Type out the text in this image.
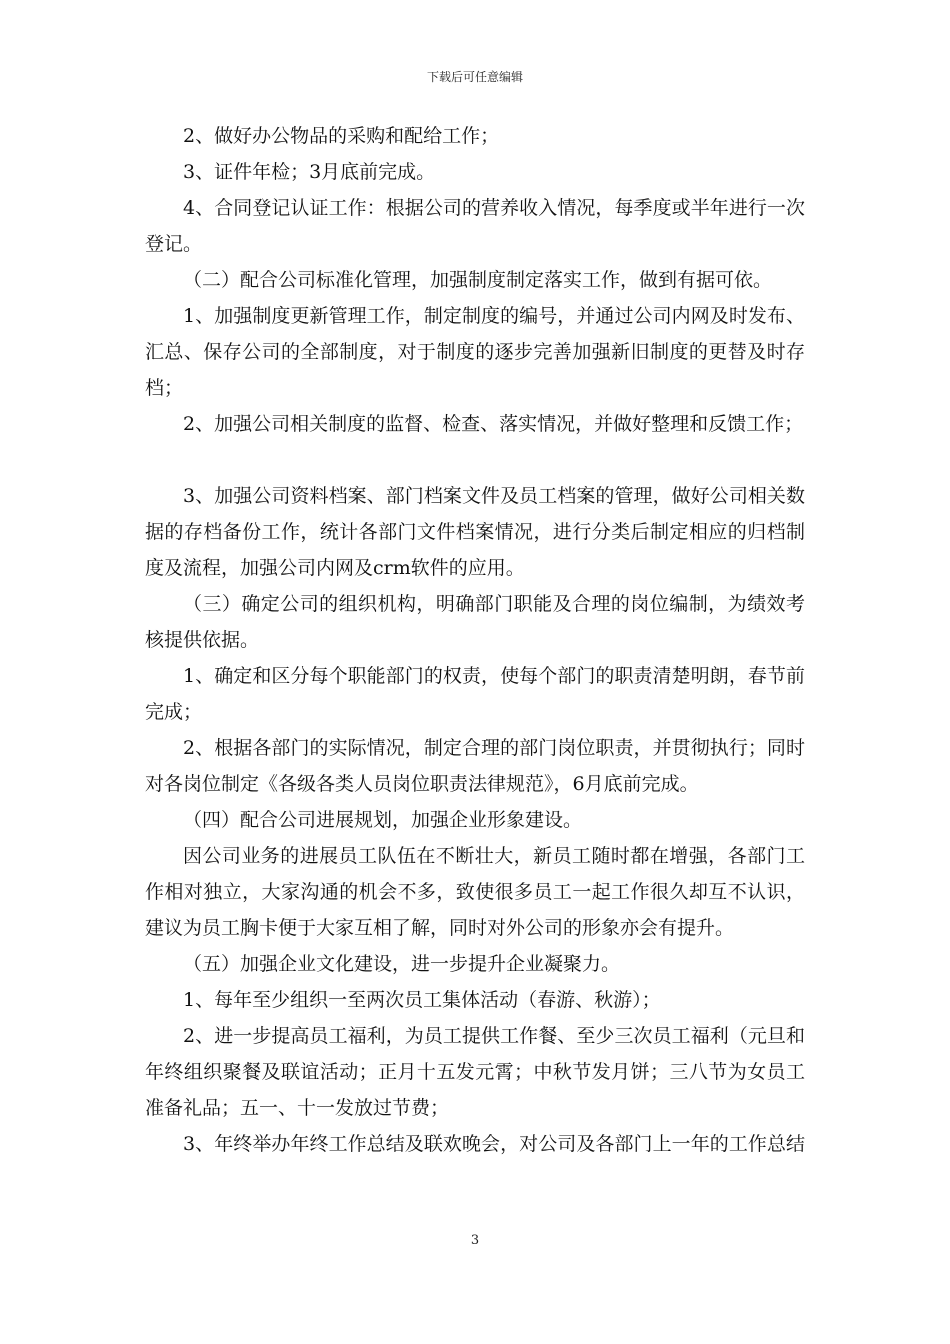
下载后可任意编辑
2、做好办公物品的采购和配给工作；
3、证件年检；3月底前完成。
4、合同登记认证工作：根据公司的营养收入情况，每季度或半年进行一次
登记。
（二）配合公司标准化管理，加强制度制定落实工作，做到有据可依。
1、加强制度更新管理工作，制定制度的编号，并通过公司内网及时发布、
汇总、保存公司的全部制度，对于制度的逐步完善加强新旧制度的更替及时存
档；
2、加强公司相关制度的监督、检查、落实情况，并做好整理和反馈工作；
3、加强公司资料档案、部门档案文件及员工档案的管理，做好公司相关数
据的存档备份工作，统计各部门文件档案情况，进行分类后制定相应的归档制
度及流程，加强公司内网及crm软件的应用。
（三）确定公司的组织机构，明确部门职能及合理的岗位编制，为绩效考
核提供依据。
1、确定和区分每个职能部门的权责，使每个部门的职责清楚明朗，春节前
完成；
2、根据各部门的实际情况，制定合理的部门岗位职责，并贯彻执行；同时
对各岗位制定《各级各类人员岗位职责法律规范》，6月底前完成。
（四）配合公司进展规划，加强企业形象建设。
因公司业务的进展员工队伍在不断壮大，新员工随时都在增强，各部门工
作相对独立，大家沟通的机会不多，致使很多员工一起工作很久却互不认识，
建议为员工胸卡便于大家互相了解，同时对外公司的形象亦会有提升。
（五）加强企业文化建设，进一步提升企业凝聚力。
1、每年至少组织一至两次员工集体活动（春游、秋游）；
2、进一步提高员工福利，为员工提供工作餐、至少三次员工福利（元旦和
年终组织聚餐及联谊活动；正月十五发元霄；中秋节发月饼；三八节为女员工
准备礼品；五一、十一发放过节费；
3、年终举办年终工作总结及联欢晚会，对公司及各部门上一年的工作总结
3
